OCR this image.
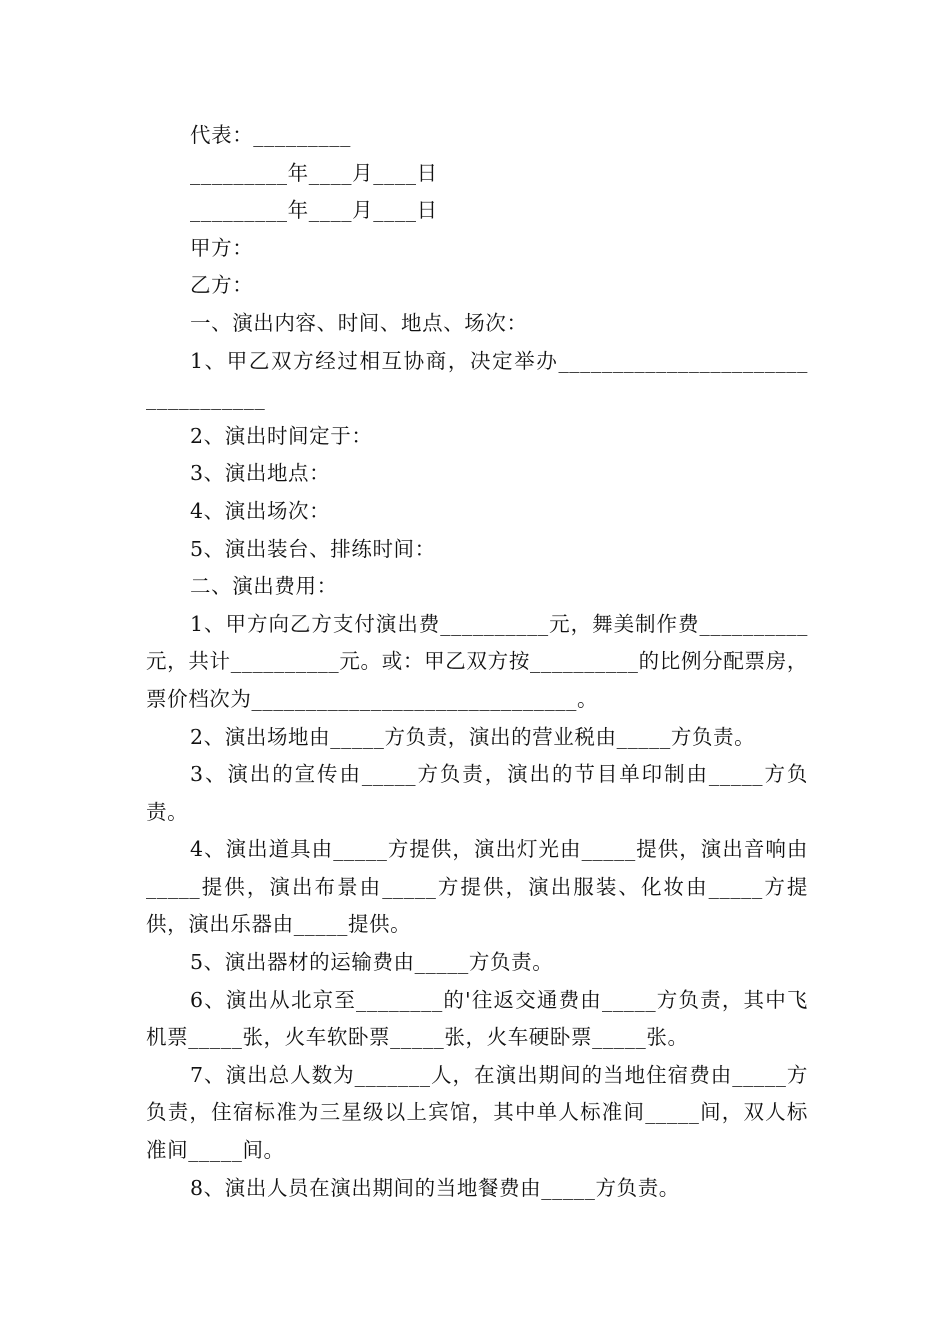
代表：_________

_________年____月____日

_________年____月____日

甲方：

乙方：

一、演出内容、时间、地点、场次：

1、甲乙双方经过相互协商，决定举办_______________________ ___________

2、演出时间定于：

3、演出地点：

4、演出场次：

5、演出装台、排练时间：

二、演出费用：

1、甲方向乙方支付演出费__________元，舞美制作费__________元，共计__________元。或：甲乙双方按__________的比例分配票房，票价档次为______________________________。

2、演出场地由_____方负责，演出的营业税由_____方负责。

3、演出的宣传由_____方负责，演出的节目单印制由_____方负责。

4、演出道具由_____方提供，演出灯光由_____提供，演出音响由_____提供，演出布景由_____方提供，演出服装、化妆由_____方提供，演出乐器由_____提供。

5、演出器材的运输费由_____方负责。

6、演出从北京至________的'往返交通费由_____方负责，其中飞机票_____张，火车软卧票_____张，火车硬卧票_____张。

7、演出总人数为_______人，在演出期间的当地住宿费由_____方负责，住宿标准为三星级以上宾馆，其中单人标准间_____间，双人标准间_____间。

8、演出人员在演出期间的当地餐费由_____方负责。
